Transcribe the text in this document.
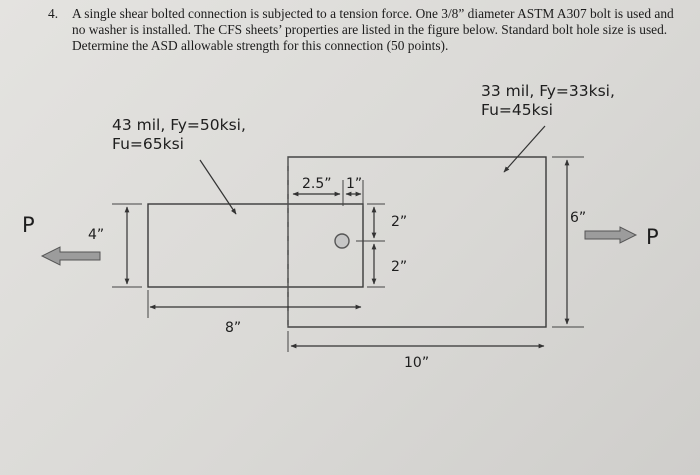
4. A single shear bolted connection is subjected to a tension force. One 3/8” diameter ASTM A307 bolt is used and no washer is installed. The CFS sheets’ properties are listed in the figure below. Standard bolt hole size is used. Determine the ASD allowable strength for this connection (50 points).
43 mil, Fy=50ksi,
Fu=65ksi
33 mil, Fy=33ksi,
Fu=45ksi
2.5” 1”
2”
2”
4”
8”
6”
10”
P	P
